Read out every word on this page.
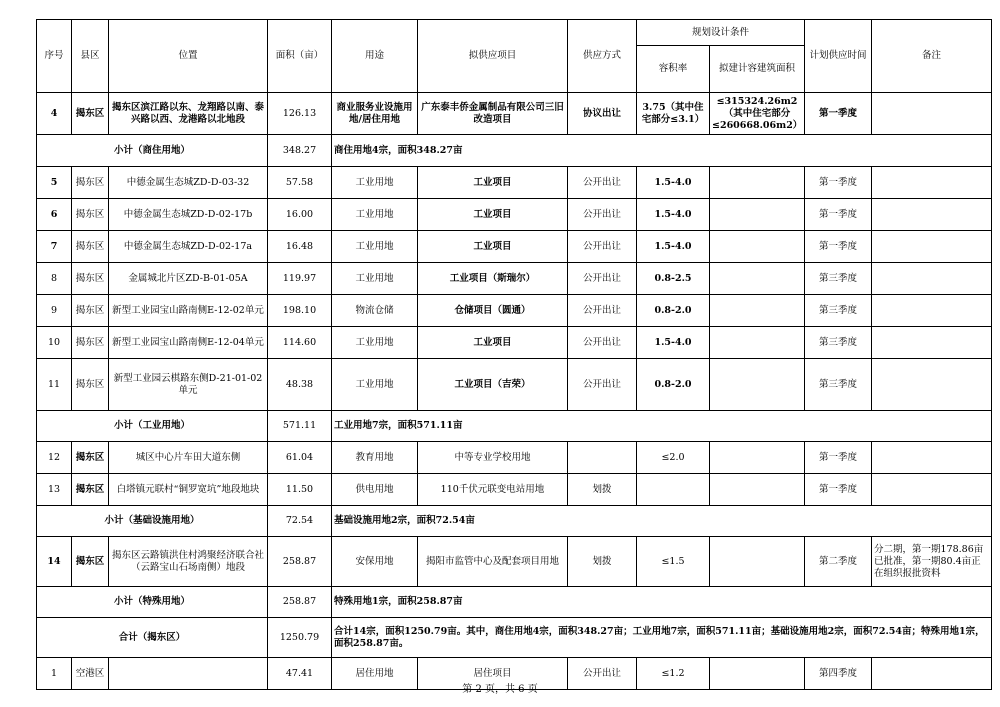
序号	县区	位置	面积（亩）	用途	拟供应项目	供应方式	规划设计条件		计划供应时间	备注
							容积率	拟建计容建筑面积		
4	揭东区	揭东区滨江路以东、龙翔路以南、泰兴路以西、龙港路以北地段	126.13	商业服务业设施用地/居住用地	广东泰丰侨金属制品有限公司三旧改造项目	协议出让	3.75（其中住宅部分≤3.1）	≤315324.26m2（其中住宅部分≤260668.06m2）	第一季度	
小计（商住用地）			348.27	商住用地4宗，面积348.27亩						
5	揭东区	中德金属生态城ZD-D-03-32	57.58	工业用地	工业项目	公开出让	1.5-4.0		第一季度	
6	揭东区	中德金属生态城ZD-D-02-17b	16.00	工业用地	工业项目	公开出让	1.5-4.0		第一季度	
7	揭东区	中德金属生态城ZD-D-02-17a	16.48	工业用地	工业项目	公开出让	1.5-4.0		第一季度	
8	揭东区	金属城北片区ZD-B-01-05A	119.97	工业用地	工业项目（斯瑞尔）	公开出让	0.8-2.5		第三季度	
9	揭东区	新型工业园宝山路南侧E-12-02单元	198.10	物流仓储	仓储项目（圆通）	公开出让	0.8-2.0		第三季度	
10	揭东区	新型工业园宝山路南侧E-12-04单元	114.60	工业用地	工业项目	公开出让	1.5-4.0		第三季度	
11	揭东区	新型工业园云棋路东侧D-21-01-02单元	48.38	工业用地	工业项目（吉荣）	公开出让	0.8-2.0		第三季度	
小计（工业用地）			571.11	工业用地7宗，面积571.11亩						
12	揭东区	城区中心片车田大道东侧	61.04	教育用地	中等专业学校用地		≤2.0		第一季度	
13	揭东区	白塔镇元联村“铜罗宽坑”地段地块	11.50	供电用地	110千伏元联变电站用地	划拨			第一季度	
小计（基础设施用地）			72.54	基础设施用地2宗，面积72.54亩						
14	揭东区	揭东区云路镇洪住村鸿聚经济联合社（云路宝山石场南侧）地段	258.87	安保用地	揭阳市监管中心及配套项目用地	划拨	≤1.5		第二季度	分二期，第一期178.86亩已批准，第一期80.4亩正在组织报批资料
小计（特殊用地）			258.87	特殊用地1宗，面积258.87亩						
合计（揭东区）			1250.79	合计14宗，面积1250.79亩。其中，商住用地4宗，面积348.27亩；工业用地7宗，面积571.11亩；基础设施用地2宗，面积72.54亩；特殊用地1宗，面积258.87亩。						
1	空港区		47.41	居住用地	居住项目	公开出让	≤1.2		第四季度	
第 2 页，共 6 页
